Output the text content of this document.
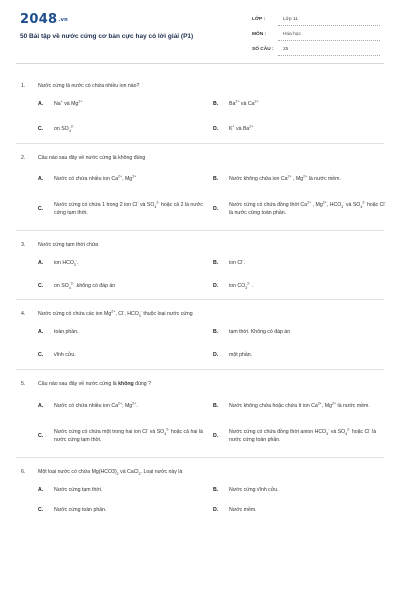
2048.vn
50 Bài tập về nước cứng cơ bản cực hay có lời giải (P1)
LỚP :	Lớp 11
MÔN :	Hóa học
SỐ CÂU : 25
1. Nước cứng là nước có chứa nhiều ion nào?
A. Na+ và $Mg^{2+}$	B. $Ba^{2+}$ và $Ca^{2+}$
C. on $SO_4^{2-}$	D. K+ và $Ba^{2+}$
2. Câu nào sau đây về nước cứng là không đúng
A. Nước có chứa nhiều ion $Ca^{2+}$, $Mg^{2+}$	B. Nước không chứa ion $Ca^{2+}$ , $Mg^{2+}$ là nước mềm.
C.
Nước cứng có chứa 1 trong 2 ion Cl- và $SO_4^{2-}$ hoặc cả 2 là nước cứng tạm thời.
D.
Nước cứng có chứa đồng thời $Ca^{2+}$ , $Mg^{2+}$, $HCO_3^-$ và $SO_4^{2-}$ hoặc Cl- là nước cứng toàn phần.
3. Nước cứng tạm thời chứa
A. ion $HCO_3^-$.	B. ion Cl-.
C. on $SO_4^{2-}$ .không có đáp án	D. ion $CO_3^{2-}$ .
4. Nước cứng có chứa các ion $Mg^{2+}$, Cl-, $HCO_3^-$ thuộc loại nước cứng
A. toàn phần.	B. tạm thời. Không có đáp án
C. vĩnh cửu.	D. một phần.
5. Câu nào sau đây về nước cứng là không đúng ?
A. Nước có chứa nhiều ion $Ca^{2+}$; $Mg^{2+}$.	B. Nước không chứa hoặc chứa ít ion $Ca^{2+}$, $Mg^{2+}$ là nước mềm.
C.
Nước cứng có chứa một trong hai ion Cl- và $SO_4^{2-}$ hoặc cả hai là nước cứng tạm thời.
D.
Nước cứng có chứa đồng thời anion $HCO_3^-$ và $SO_4^{2-}$ hoặc Cl- là nước cứng toàn phần.
6. Một loại nước có chứa $Mg(HCO3)_2$ và CaCl$_2$. Loại nước này là
A. Nước cứng tạm thời.	B. Nước cứng vĩnh cửu.
C. Nước cứng toàn phần.	D. Nước mềm.
